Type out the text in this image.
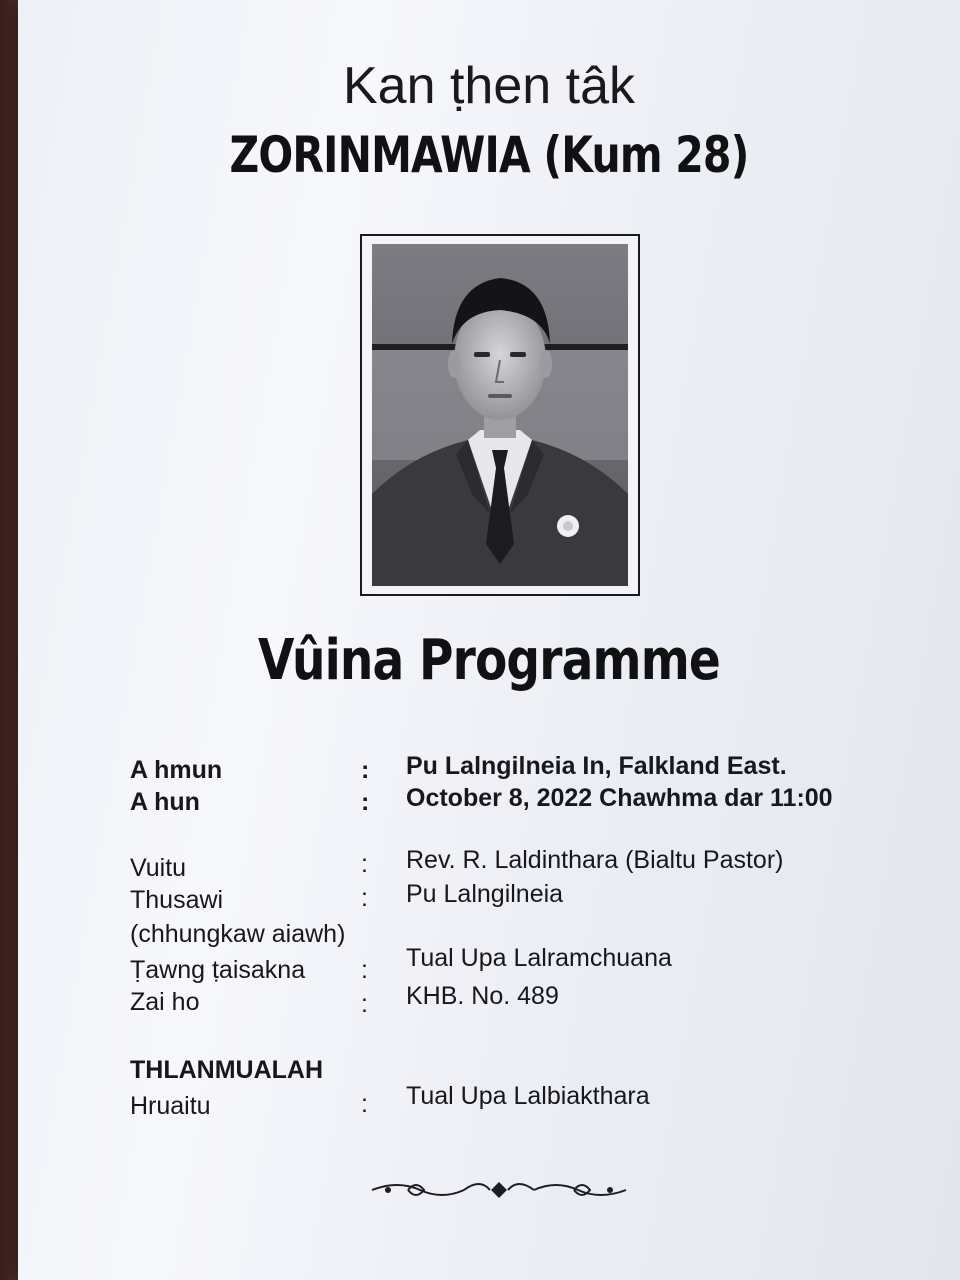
Kan ṭhen tâk
ZORINMAWIA (Kum 28)
Vûina Programme
A hmun	: Pu Lalngilneia In, Falkland East.
A hun	: October 8, 2022 Chawhma dar 11:00
Vuitu	: Rev. R. Laldinthara (Bialtu Pastor)
Thusawi	: Pu Lalngilneia
(chhungkaw aiawh)
Ṭawng ṭaisakna : Tual Upa Lalramchuana
Zai ho	: KHB. No. 489
THLANMUALAH
Hruaitu	: Tual Upa Lalbiakthara
